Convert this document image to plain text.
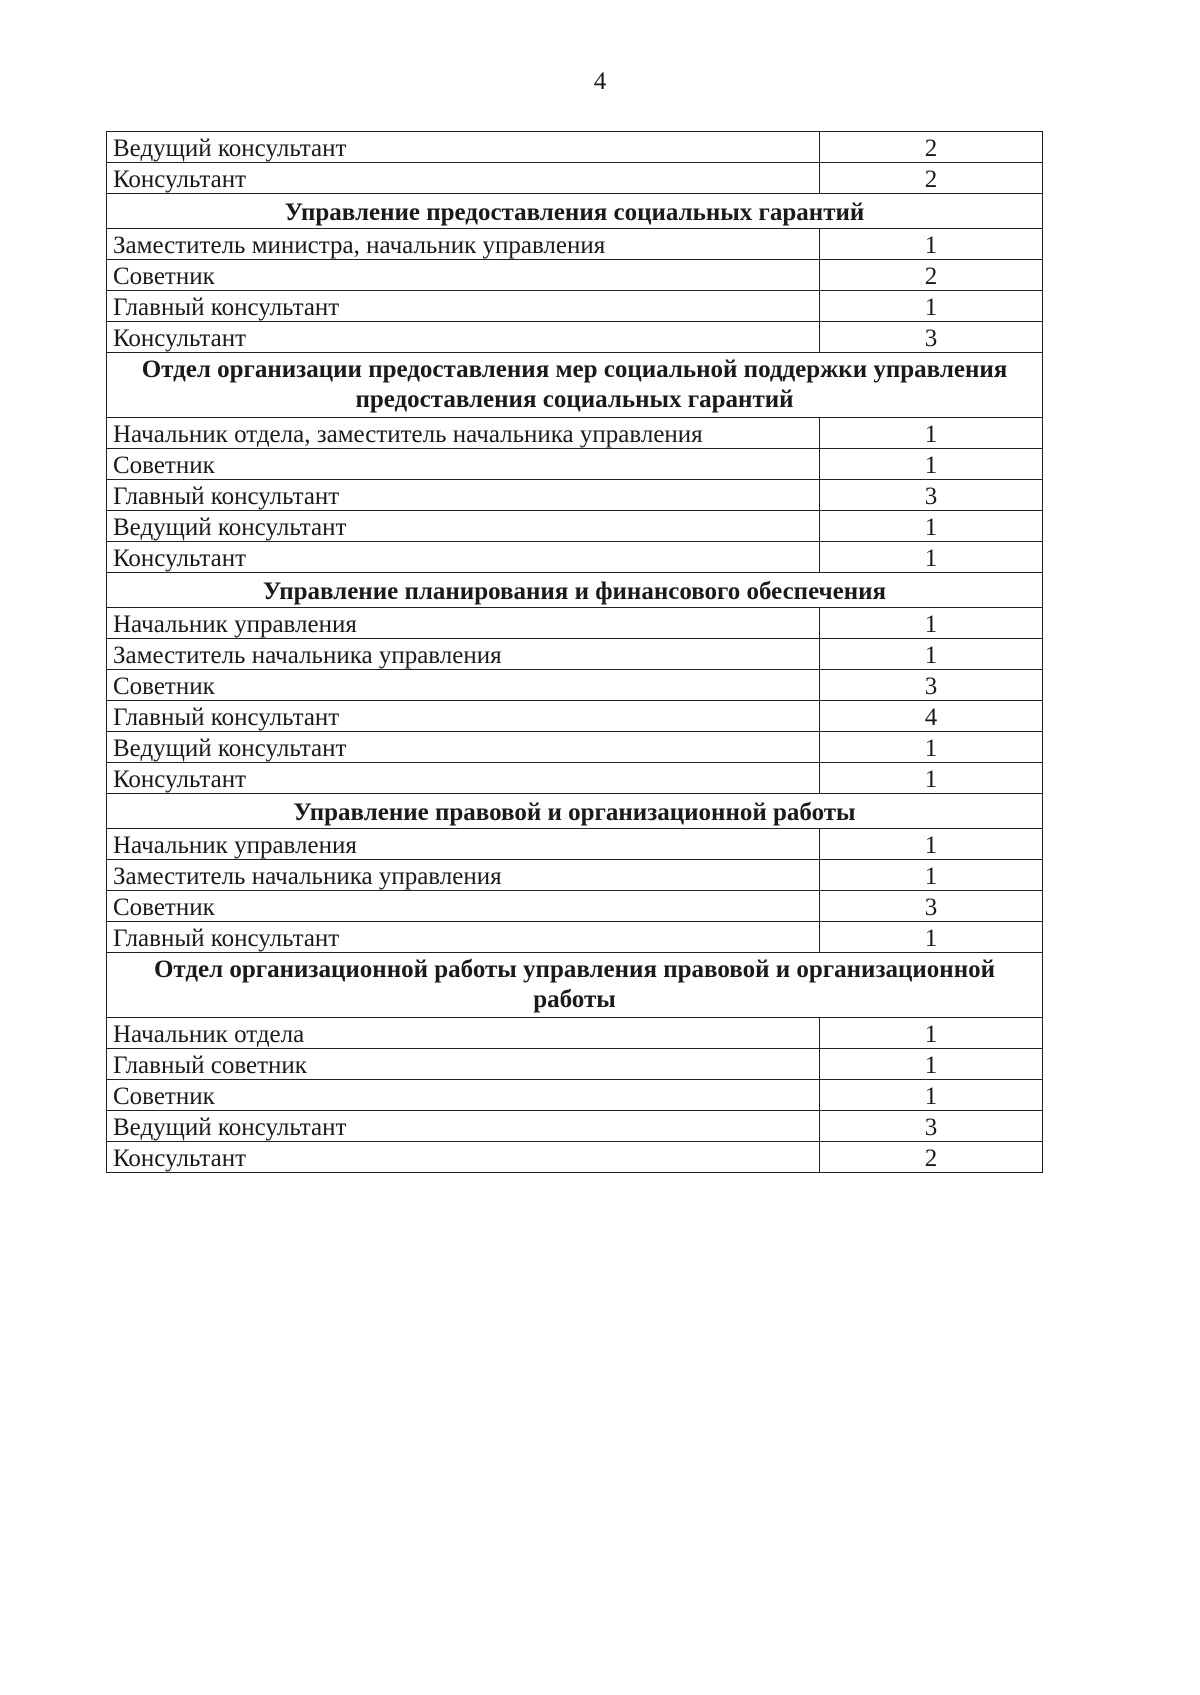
4
Ведущий консультант	2
Консультант	2
Управление предоставления социальных гарантий	
Заместитель министра, начальник управления	1
Советник	2
Главный консультант	1
Консультант	3
Отдел организации предоставления мер социальной поддержки управления предоставления социальных гарантий	
Начальник отдела, заместитель начальника управления	1
Советник	1
Главный консультант	3
Ведущий консультант	1
Консультант	1
Управление планирования и финансового обеспечения	
Начальник управления	1
Заместитель начальника управления	1
Советник	3
Главный консультант	4
Ведущий консультант	1
Консультант	1
Управление правовой и организационной работы	
Начальник управления	1
Заместитель начальника управления	1
Советник	3
Главный консультант	1
Отдел организационной работы управления правовой и организационной работы	
Начальник отдела	1
Главный советник	1
Советник	1
Ведущий консультант	3
Консультант	2
